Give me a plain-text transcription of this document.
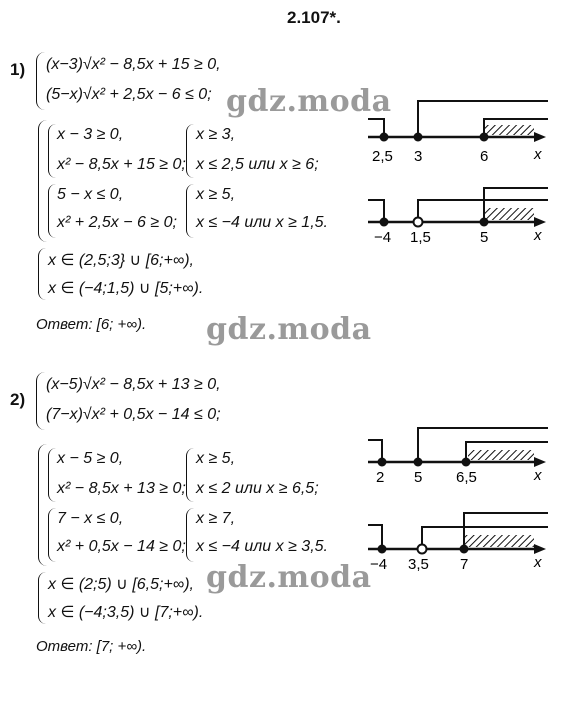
2.107*.
1) (x−3)√x² − 8,5x + 15 ≥ 0,
(5−x)√x² + 2,5x − 6 ≤ 0;
x − 3 ≥ 0,
x² − 8,5x + 15 ≥ 0;
x ≥ 3,
x ≤ 2,5 или x ≥ 6;
5 − x ≤ 0,
x² + 2,5x − 6 ≥ 0;
x ≥ 5,
x ≤ −4 или x ≥ 1,5.
x ∈ (2,5;3} ∪ [6;+∞),
x ∈ (−4;1,5) ∪ [5;+∞).
Ответ: [6; +∞).
2,5 3	6	x
−4 1,5	5	x
2)
(x−5)√x² − 8,5x + 13 ≥ 0,
(7−x)√x² + 0,5x − 14 ≤ 0;
x − 5 ≥ 0,
x² − 8,5x + 13 ≥ 0;
x ≥ 5,
x ≤ 2 или x ≥ 6,5;
7 − x ≤ 0,
x² + 0,5x − 14 ≥ 0;
x ≥ 7,
x ≤ −4 или x ≥ 3,5.
x ∈ (2;5) ∪ [6,5;+∞),
x ∈ (−4;3,5) ∪ [7;+∞).
Ответ: [7; +∞).
2 5 6,5	x
−4 3,5 7	x
gdz.moda
gdz.moda
gdz.moda
